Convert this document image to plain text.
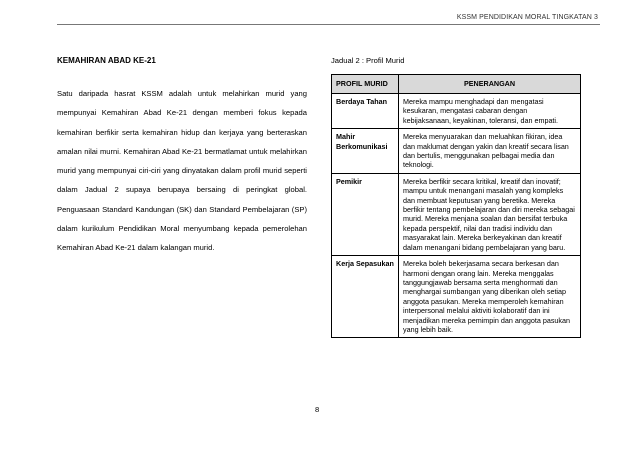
KSSM PENDIDIKAN MORAL TINGKATAN 3
KEMAHIRAN ABAD KE-21
Satu daripada hasrat KSSM adalah untuk melahirkan murid yang mempunyai Kemahiran Abad Ke-21 dengan memberi fokus kepada kemahiran berfikir serta kemahiran hidup dan kerjaya yang berteraskan amalan nilai murni. Kemahiran Abad Ke-21 bermatlamat untuk melahirkan murid yang mempunyai ciri-ciri yang dinyatakan dalam profil murid seperti dalam Jadual 2 supaya berupaya bersaing di peringkat global. Penguasaan Standard Kandungan (SK) dan Standard Pembelajaran (SP) dalam kurikulum Pendidikan Moral menyumbang kepada pemerolehan Kemahiran Abad Ke-21 dalam kalangan murid.
Jadual 2 : Profil Murid
PROFIL MURID	PENERANGAN
Berdaya Tahan	Mereka mampu menghadapi dan mengatasi kesukaran, mengatasi cabaran dengan kebijaksanaan, keyakinan, toleransi, dan empati.
Mahir Berkomunikasi	Mereka menyuarakan dan meluahkan fikiran, idea dan maklumat dengan yakin dan kreatif secara lisan dan bertulis, menggunakan pelbagai media dan teknologi.
Pemikir	Mereka berfikir secara kritikal, kreatif dan inovatif; mampu untuk menangani masalah yang kompleks dan membuat keputusan yang beretika. Mereka berfikir tentang pembelajaran dan diri mereka sebagai murid. Mereka menjana soalan dan bersifat terbuka kepada perspektif, nilai dan tradisi individu dan masyarakat lain. Mereka berkeyakinan dan kreatif dalam menangani bidang pembelajaran yang baru.
Kerja Sepasukan	Mereka boleh bekerjasama secara berkesan dan harmoni dengan orang lain. Mereka menggalas tanggungjawab bersama serta menghormati dan menghargai sumbangan yang diberikan oleh setiap anggota pasukan. Mereka memperoleh kemahiran interpersonal melalui aktiviti kolaboratif dan ini menjadikan mereka pemimpin dan anggota pasukan yang lebih baik.
8
